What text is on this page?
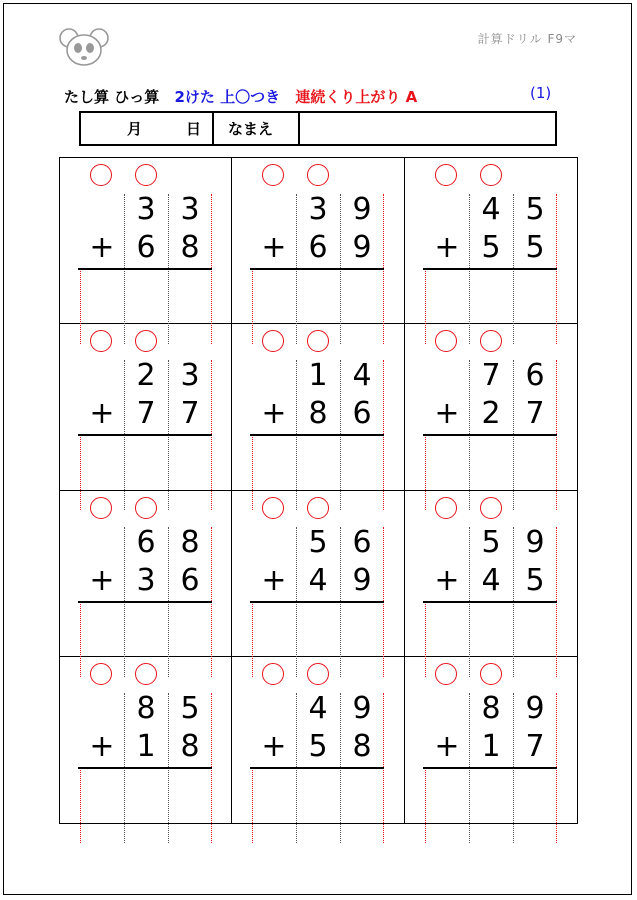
計算ドリル F9マ
たし算 ひっ算 2けた 上〇つき 連続くり上がり A	(1)
月	日	なまえ
3 3
+ 6 8
3 9
+ 6 9
4 5
+ 5 5
2 3
+ 7 7
1 4
+ 8 6
7 6
+ 2 7
6 8
+ 3 6
5 6
+ 4 9
5 9
+ 4 5
8 5
+ 1 8
4 9
+ 5 8
8 9
+ 1 7
